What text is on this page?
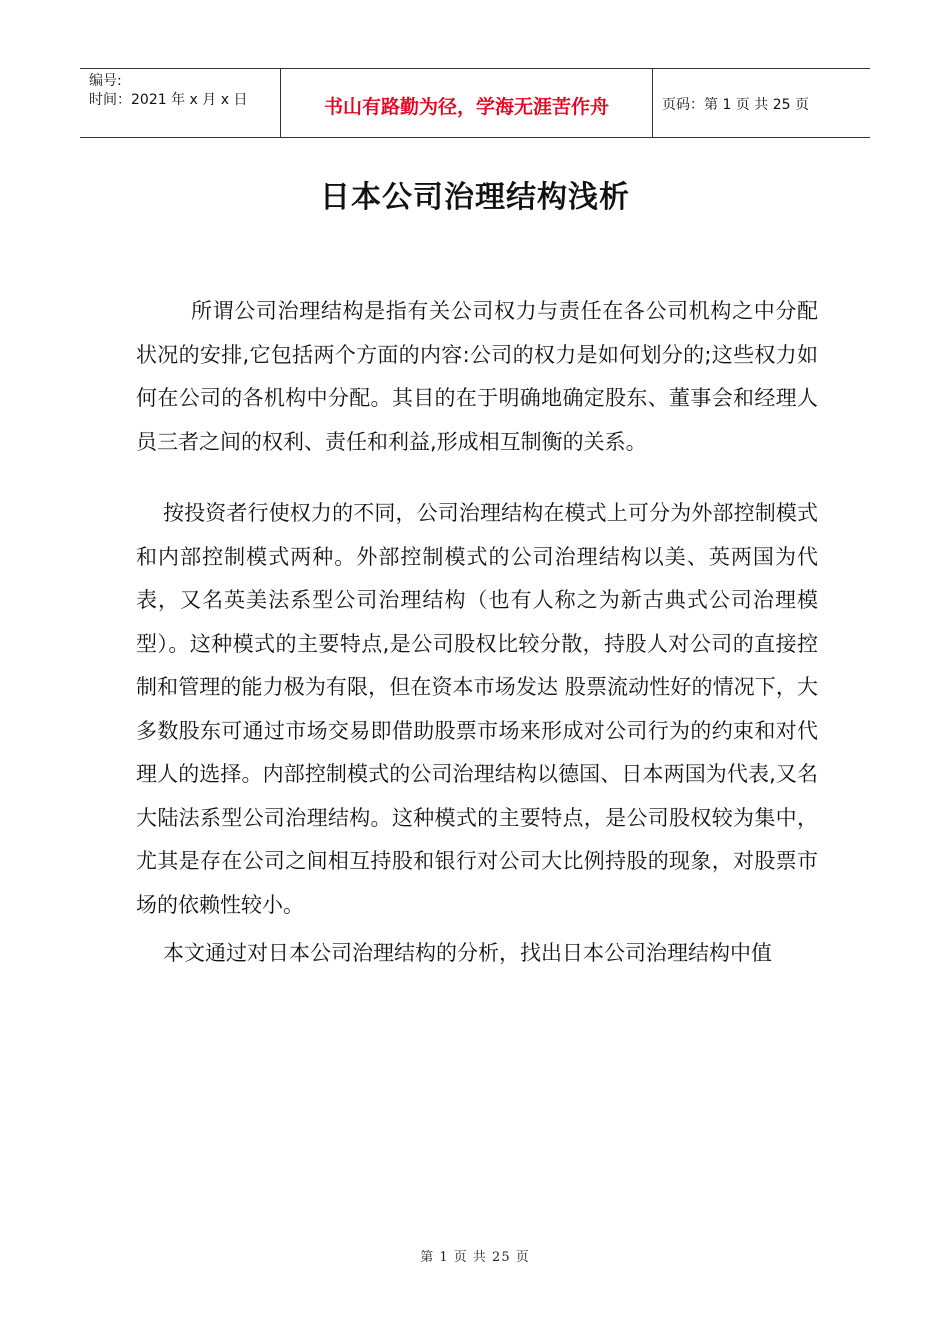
编号:
时间：2021 年 x 月 x 日	书山有路勤为径，学海无涯苦作舟	页码：第 1 页 共 25 页
日本公司治理结构浅析

所谓公司治理结构是指有关公司权力与责任在各公司机构之中分配状况的安排,它包括两个方面的内容:公司的权力是如何划分的;这些权力如何在公司的各机构中分配。其目的在于明确地确定股东、董事会和经理人员三者之间的权利、责任和利益,形成相互制衡的关系。

按投资者行使权力的不同，公司治理结构在模式上可分为外部控制模式和内部控制模式两种。外部控制模式的公司治理结构以美、英两国为代表，又名英美法系型公司治理结构（也有人称之为新古典式公司治理模型）。这种模式的主要特点,是公司股权比较分散，持股人对公司的直接控制和管理的能力极为有限，但在资本市场发达 股票流动性好的情况下，大多数股东可通过市场交易即借助股票市场来形成对公司行为的约束和对代理人的选择。内部控制模式的公司治理结构以德国、日本两国为代表,又名大陆法系型公司治理结构。这种模式的主要特点，是公司股权较为集中，尤其是存在公司之间相互持股和银行对公司大比例持股的现象，对股票市场的依赖性较小。

本文通过对日本公司治理结构的分析，找出日本公司治理结构中值

第 1 页 共 25 页
